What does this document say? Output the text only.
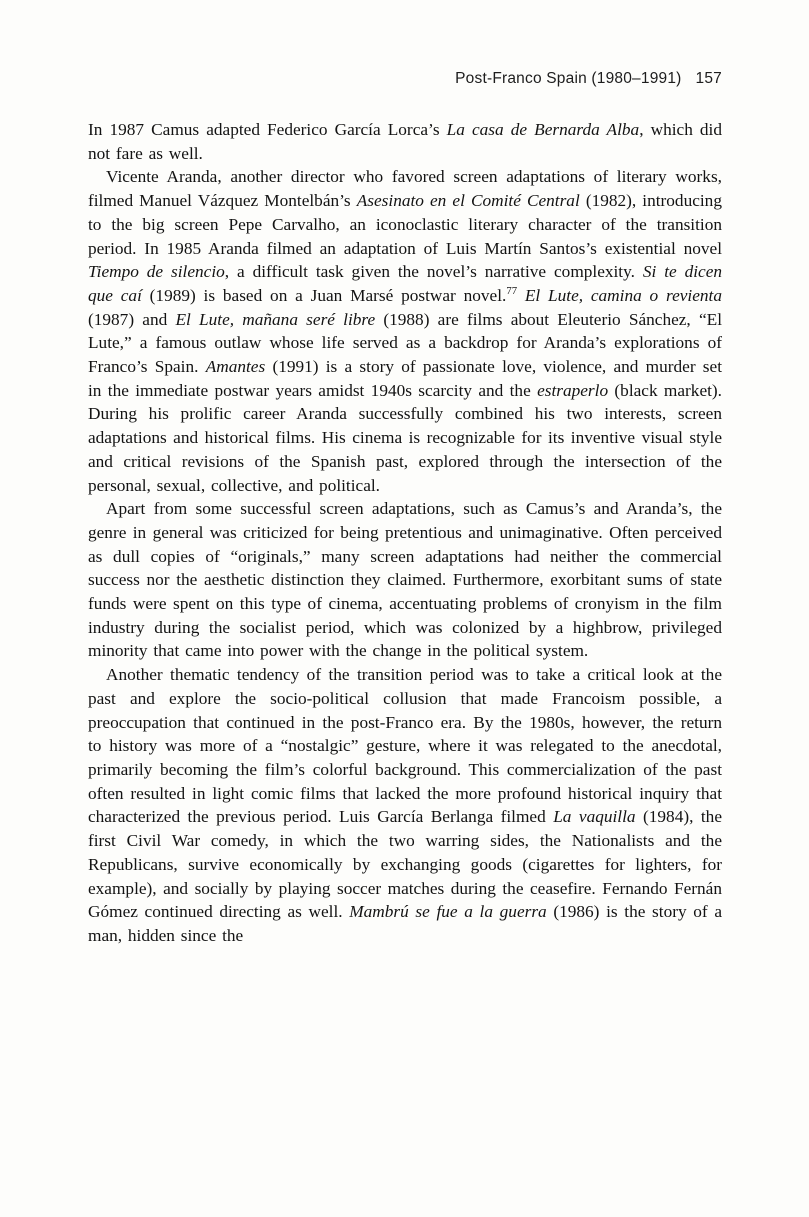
Post-Franco Spain (1980–1991) 157

In 1987 Camus adapted Federico García Lorca’s La casa de Bernarda Alba, which did not fare as well.

Vicente Aranda, another director who favored screen adaptations of literary works, filmed Manuel Vázquez Montelbán’s Asesinato en el Comité Central (1982), introducing to the big screen Pepe Carvalho, an iconoclastic literary character of the transition period. In 1985 Aranda filmed an adaptation of Luis Martín Santos’s existential novel Tiempo de silencio, a difficult task given the novel’s narrative complexity. Si te dicen que caí (1989) is based on a Juan Marsé postwar novel.$^{77}$ El Lute, camina o revienta (1987) and El Lute, mañana seré libre (1988) are films about Eleuterio Sánchez, “El Lute,” a famous outlaw whose life served as a backdrop for Aranda’s explorations of Franco’s Spain. Amantes (1991) is a story of passionate love, violence, and murder set in the immediate postwar years amidst 1940s scarcity and the estraperlo (black market). During his prolific career Aranda successfully combined his two interests, screen adaptations and historical films. His cinema is recognizable for its inventive visual style and critical revisions of the Spanish past, explored through the intersection of the personal, sexual, collective, and political.

Apart from some successful screen adaptations, such as Camus’s and Aranda’s, the genre in general was criticized for being pretentious and unimaginative. Often perceived as dull copies of “originals,” many screen adaptations had neither the commercial success nor the aesthetic distinction they claimed. Furthermore, exorbitant sums of state funds were spent on this type of cinema, accentuating problems of cronyism in the film industry during the socialist period, which was colonized by a highbrow, privileged minority that came into power with the change in the political system.

Another thematic tendency of the transition period was to take a critical look at the past and explore the socio-political collusion that made Francoism possible, a preoccupation that continued in the post-Franco era. By the 1980s, however, the return to history was more of a “nostalgic” gesture, where it was relegated to the anecdotal, primarily becoming the film’s colorful background. This commercialization of the past often resulted in light comic films that lacked the more profound historical inquiry that characterized the previous period. Luis García Berlanga filmed La vaquilla (1984), the first Civil War comedy, in which the two warring sides, the Nationalists and the Republicans, survive economically by exchanging goods (cigarettes for lighters, for example), and socially by playing soccer matches during the ceasefire. Fernando Fernán Gómez continued directing as well. Mambrú se fue a la guerra (1986) is the story of a man, hidden since the
